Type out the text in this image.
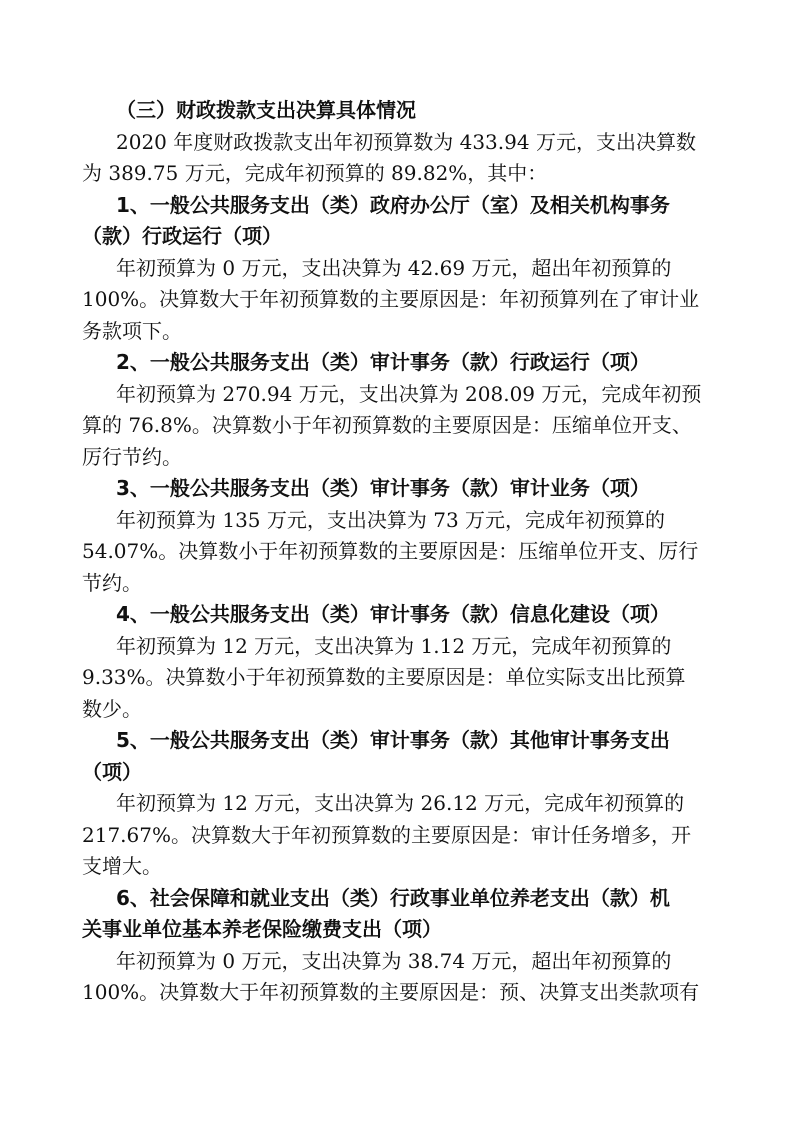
（三）财政拨款支出决算具体情况
2020 年度财政拨款支出年初预算数为 433.94 万元，支出决算数
为 389.75 万元，完成年初预算的 89.82%，其中：
1、一般公共服务支出（类）政府办公厅（室）及相关机构事务
（款）行政运行（项）
年初预算为 0 万元，支出决算为 42.69 万元，超出年初预算的
100%。决算数大于年初预算数的主要原因是：年初预算列在了审计业
务款项下。
2、一般公共服务支出（类）审计事务（款）行政运行（项）
年初预算为 270.94 万元，支出决算为 208.09 万元，完成年初预
算的 76.8%。决算数小于年初预算数的主要原因是：压缩单位开支、
厉行节约。
3、一般公共服务支出（类）审计事务（款）审计业务（项）
年初预算为 135 万元，支出决算为 73 万元，完成年初预算的
54.07%。决算数小于年初预算数的主要原因是：压缩单位开支、厉行
节约。
4、一般公共服务支出（类）审计事务（款）信息化建设（项）
年初预算为 12 万元，支出决算为 1.12 万元，完成年初预算的
9.33%。决算数小于年初预算数的主要原因是：单位实际支出比预算
数少。
5、一般公共服务支出（类）审计事务（款）其他审计事务支出
（项）
年初预算为 12 万元，支出决算为 26.12 万元，完成年初预算的
217.67%。决算数大于年初预算数的主要原因是：审计任务增多，开
支增大。
6、社会保障和就业支出（类）行政事业单位养老支出（款）机
关事业单位基本养老保险缴费支出（项）
年初预算为 0 万元，支出决算为 38.74 万元，超出年初预算的
100%。决算数大于年初预算数的主要原因是：预、决算支出类款项有
